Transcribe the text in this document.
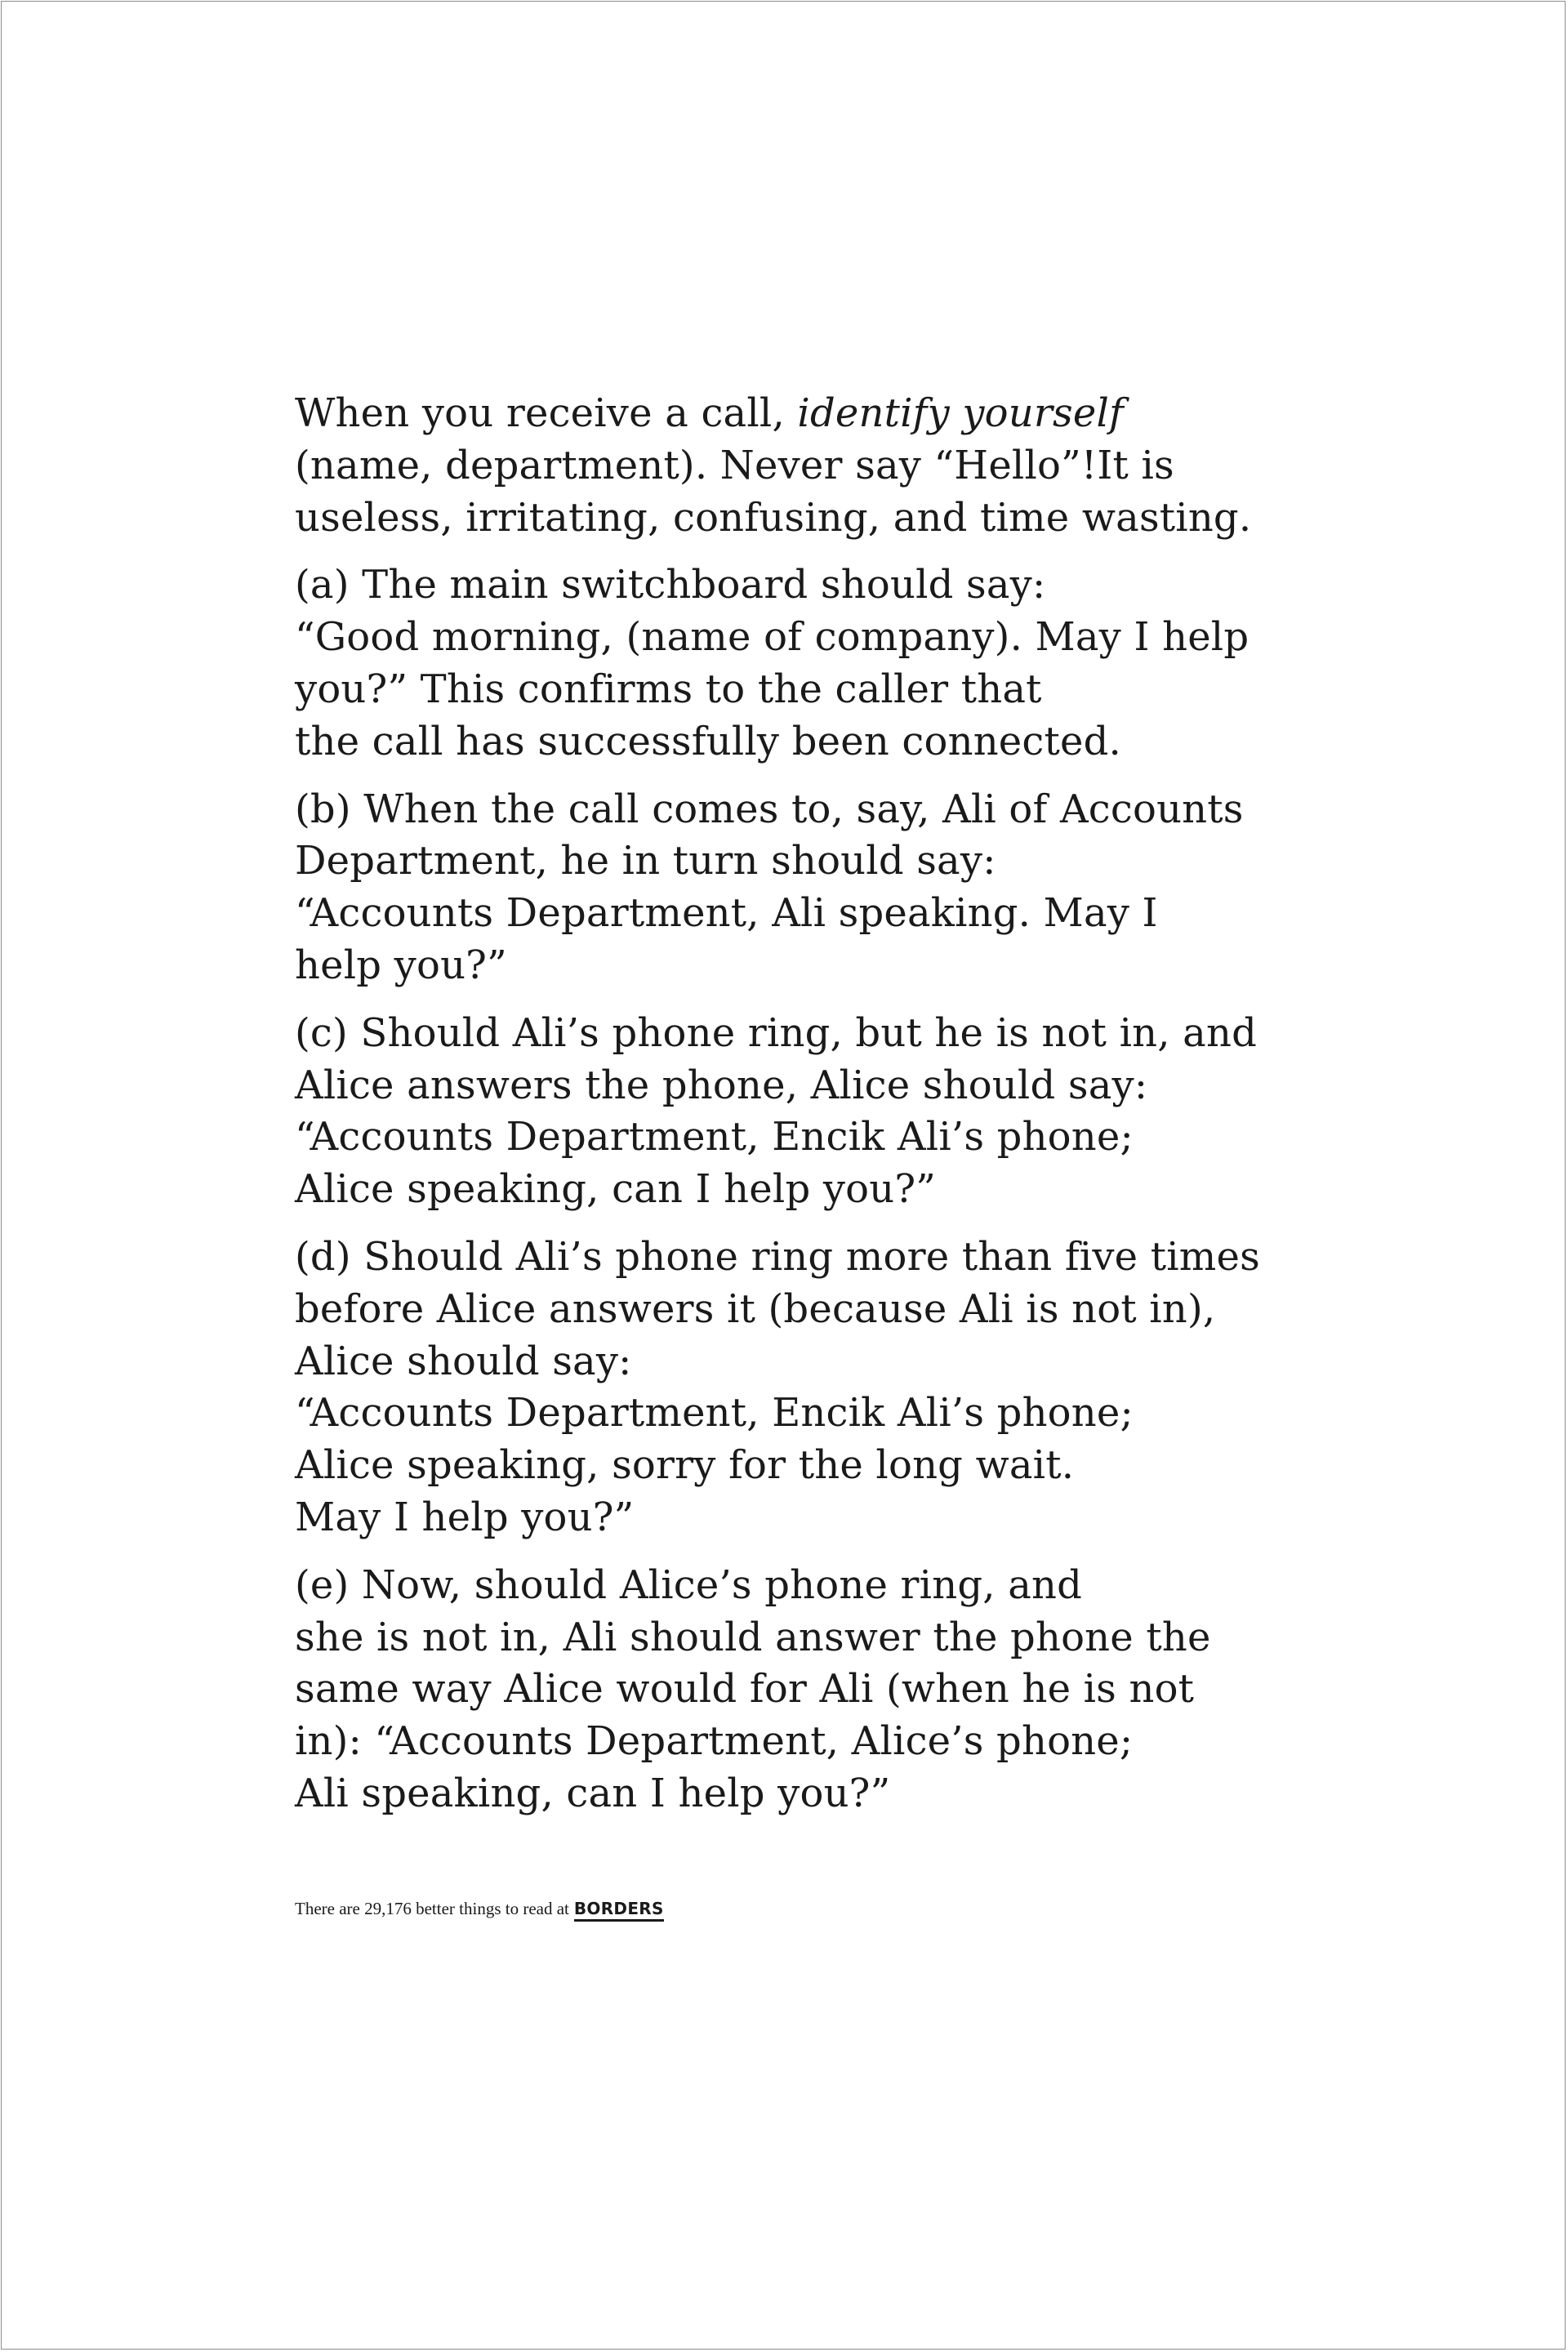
When you receive a call, identify yourself
(name, department). Never say “Hello”!It is
useless, irritating, confusing, and time wasting.
(a) The main switchboard should say:
“Good morning, (name of company). May I help
you?” This confirms to the caller that
the call has successfully been connected.
(b) When the call comes to, say, Ali of Accounts
Department, he in turn should say:
“Accounts Department, Ali speaking. May I
help you?”
(c) Should Ali’s phone ring, but he is not in, and
Alice answers the phone, Alice should say:
“Accounts Department, Encik Ali’s phone;
Alice speaking, can I help you?”
(d) Should Ali’s phone ring more than five times
before Alice answers it (because Ali is not in),
Alice should say:
“Accounts Department, Encik Ali’s phone;
Alice speaking, sorry for the long wait.
May I help you?”
(e) Now, should Alice’s phone ring, and
she is not in, Ali should answer the phone the
same way Alice would for Ali (when he is not
in): “Accounts Department, Alice’s phone;
Ali speaking, can I help you?”
There are 29,176 better things to read at BORDERS
